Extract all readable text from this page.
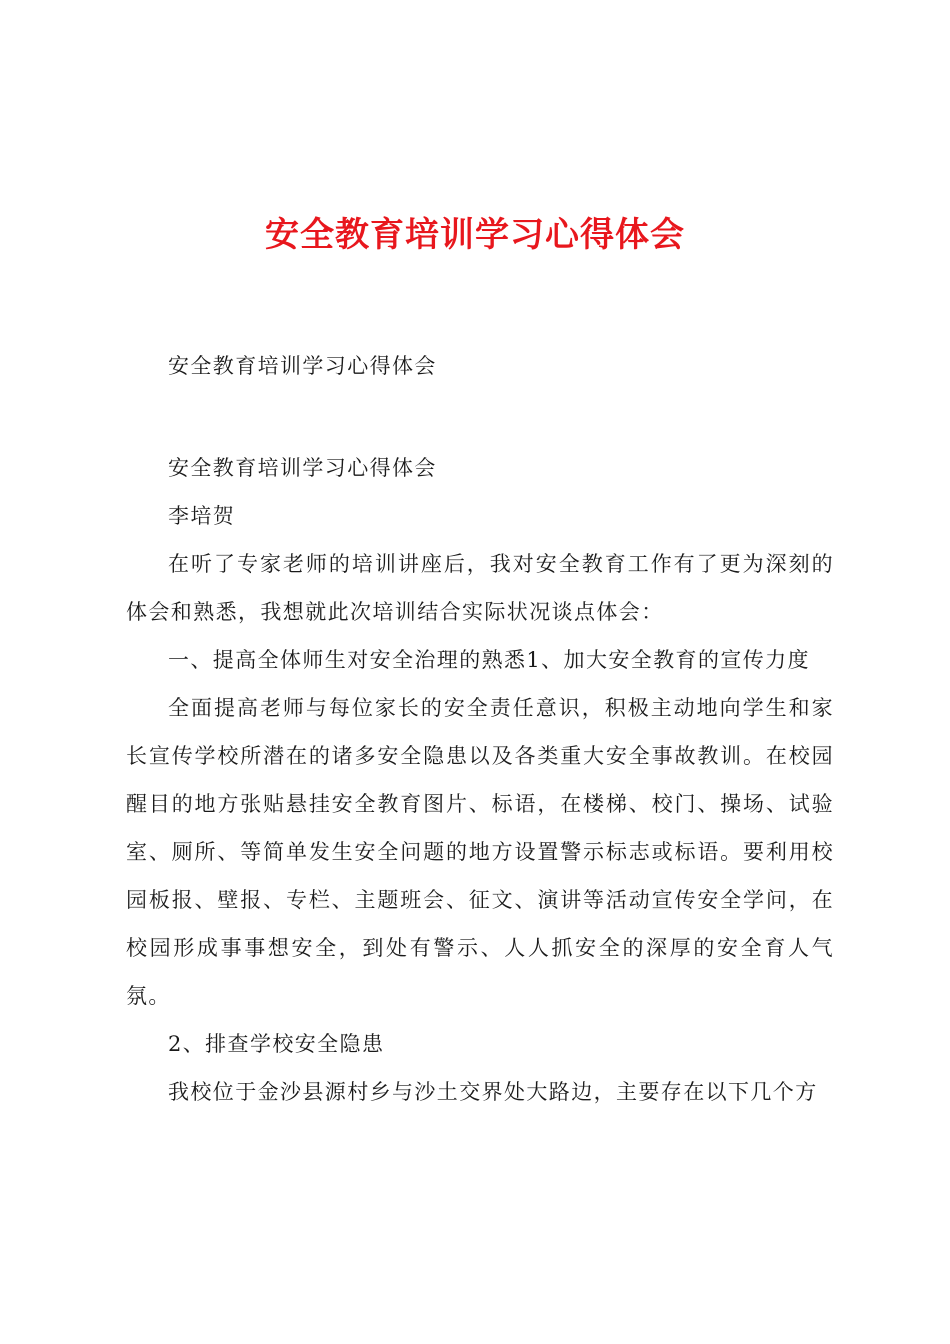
安全教育培训学习心得体会

安全教育培训学习心得体会

安全教育培训学习心得体会

李培贺

在听了专家老师的培训讲座后，我对安全教育工作有了更为深刻的体会和熟悉，我想就此次培训结合实际状况谈点体会：

一、提高全体师生对安全治理的熟悉1、加大安全教育的宣传力度

全面提高老师与每位家长的安全责任意识，积极主动地向学生和家长宣传学校所潜在的诸多安全隐患以及各类重大安全事故教训。在校园醒目的地方张贴悬挂安全教育图片、标语，在楼梯、校门、操场、试验室、厕所、等简单发生安全问题的地方设置警示标志或标语。要利用校园板报、壁报、专栏、主题班会、征文、演讲等活动宣传安全学问，在校园形成事事想安全，到处有警示、人人抓安全的深厚的安全育人气氛。

2、排查学校安全隐患

我校位于金沙县源村乡与沙土交界处大路边，主要存在以下几个方
